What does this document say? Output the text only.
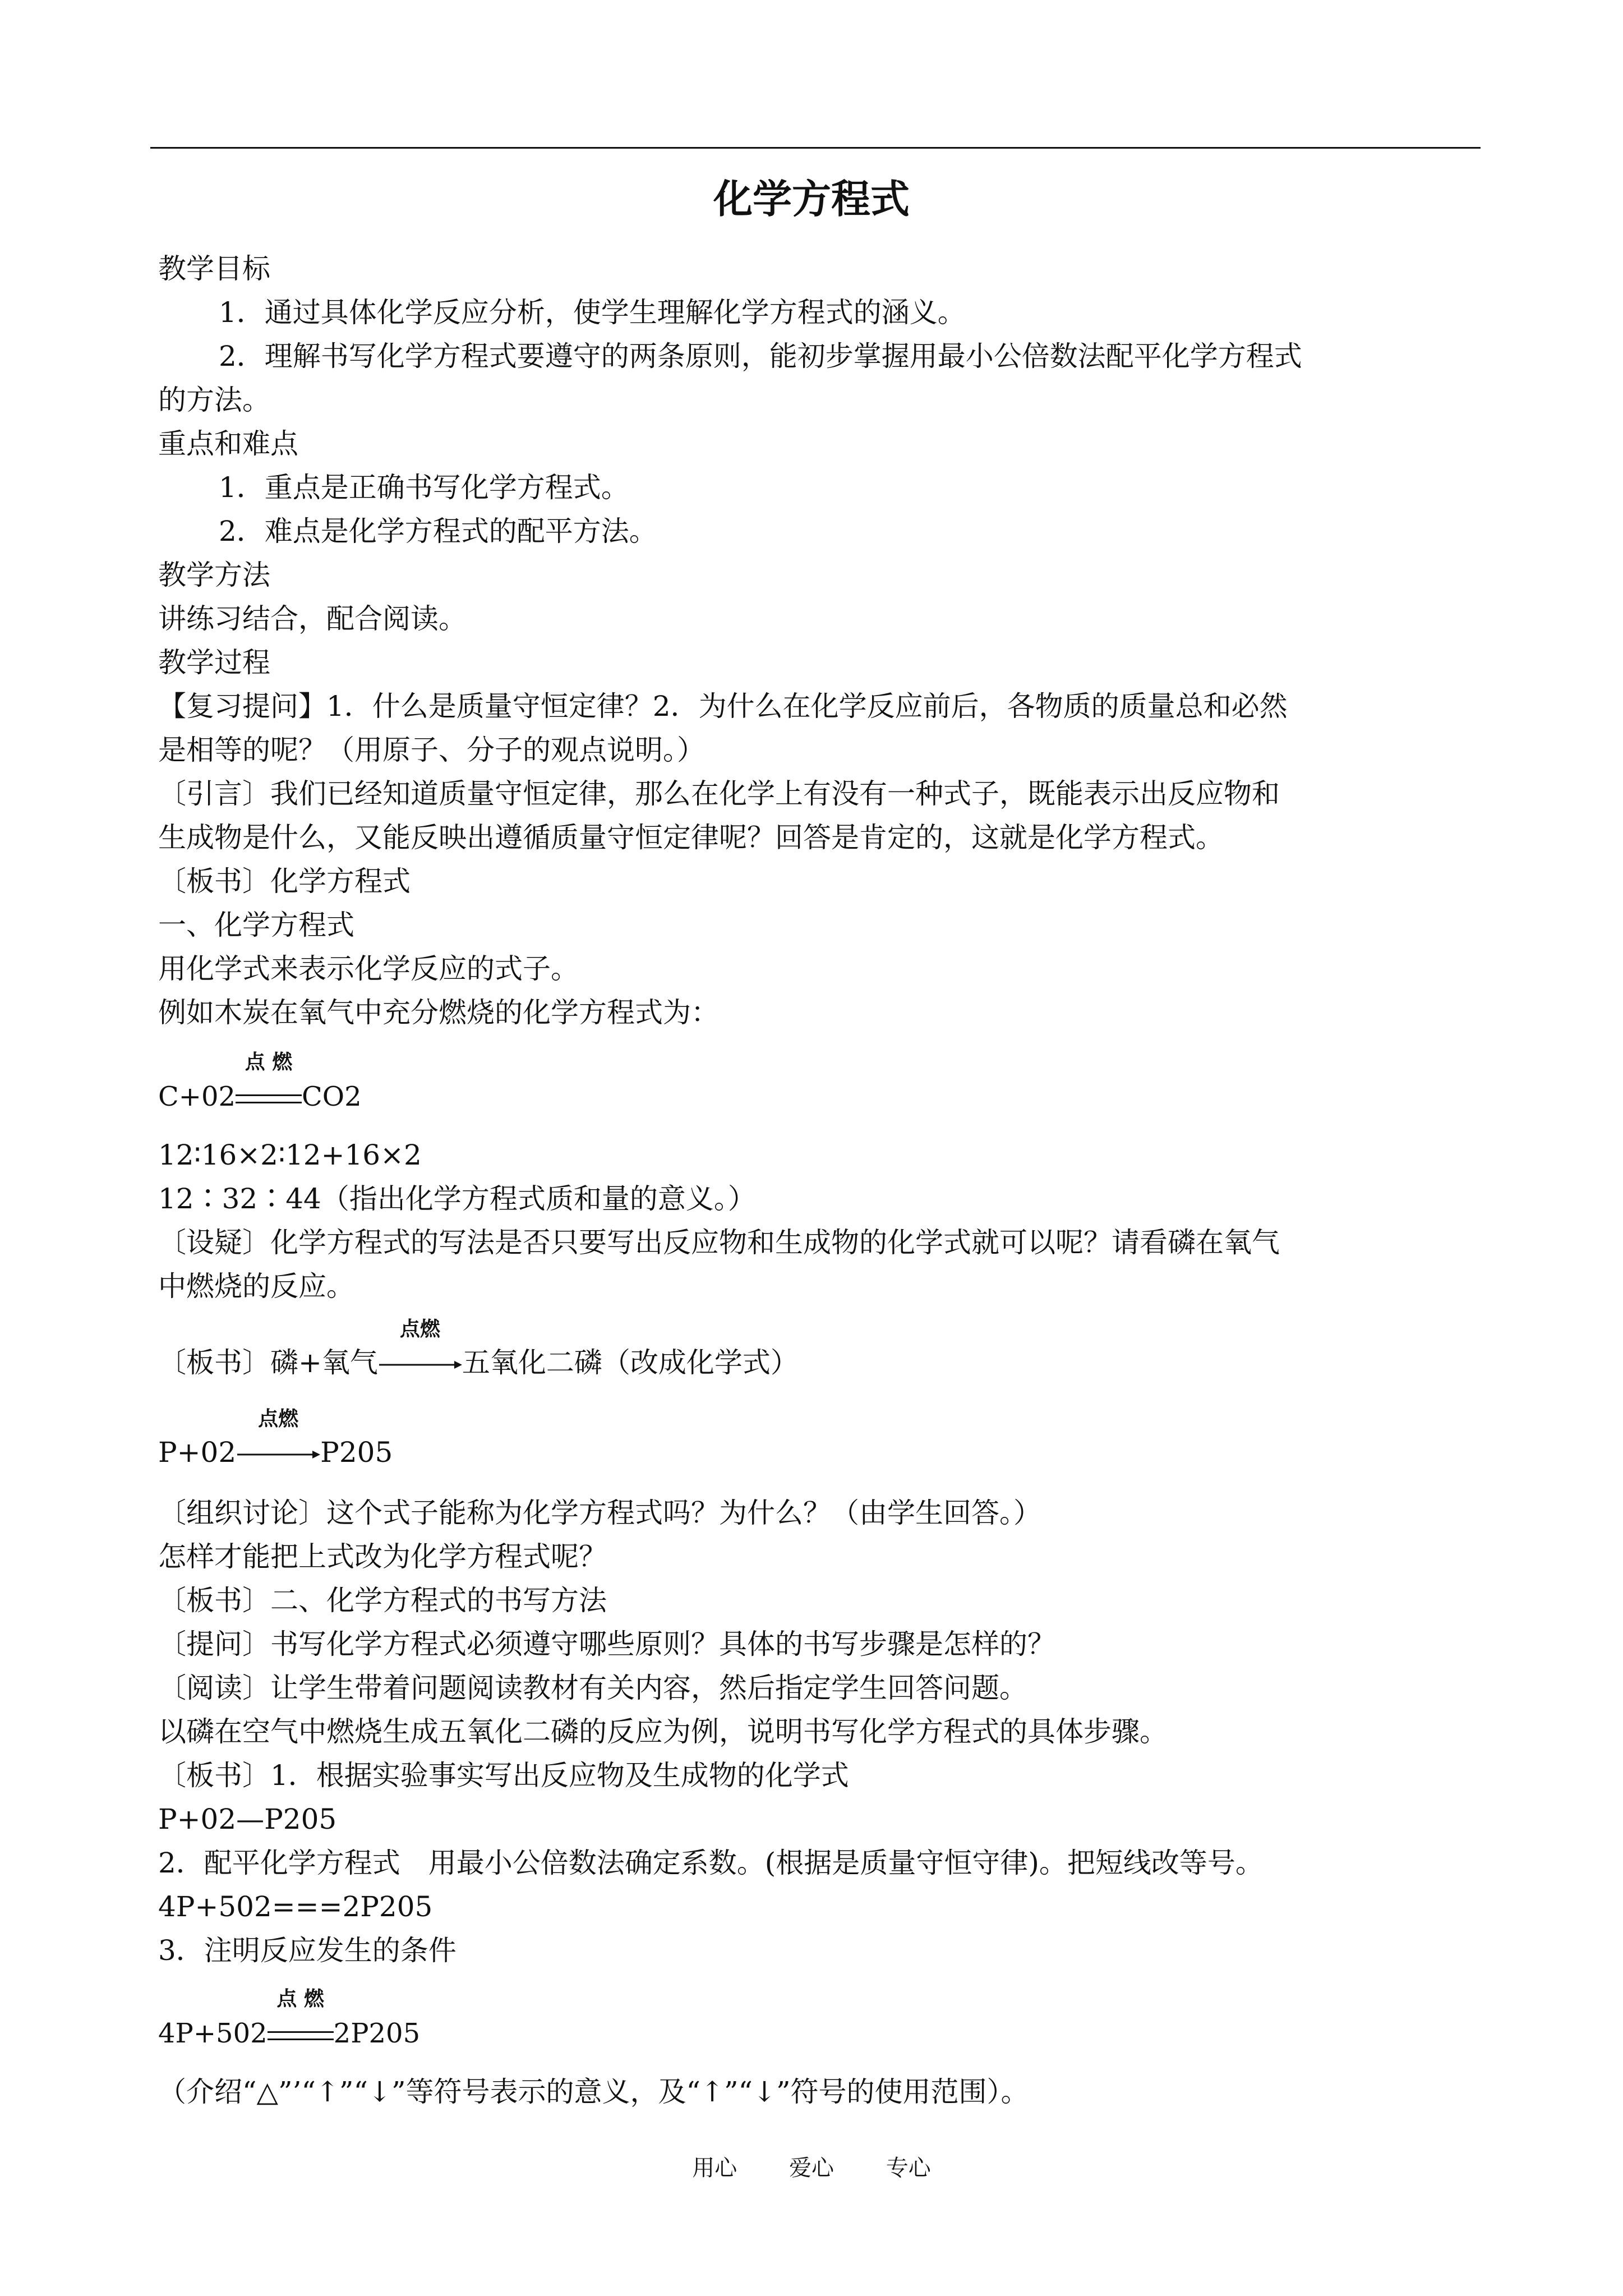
化学方程式
教学目标
1．通过具体化学反应分析，使学生理解化学方程式的涵义。
2．理解书写化学方程式要遵守的两条原则，能初步掌握用最小公倍数法配平化学方程式
的方法。
重点和难点
1．重点是正确书写化学方程式。
2．难点是化学方程式的配平方法。
教学方法
讲练习结合，配合阅读。
教学过程
【复习提问】1．什么是质量守恒定律？2．为什么在化学反应前后，各物质的质量总和必然
是相等的呢？（用原子、分子的观点说明。）
〔引言〕我们已经知道质量守恒定律，那么在化学上有没有一种式子，既能表示出反应物和
生成物是什么，又能反映出遵循质量守恒定律呢？回答是肯定的，这就是化学方程式。
〔板书〕化学方程式
一、化学方程式
用化学式来表示化学反应的式子。
例如木炭在氧气中充分燃烧的化学方程式为：
C+02
点 燃
CO2
12∶16×2∶12+16×2
12∶32∶44（指出化学方程式质和量的意义。）
〔设疑〕化学方程式的写法是否只要写出反应物和生成物的化学式就可以呢？请看磷在氧气
中燃烧的反应。
〔板书〕磷+氧气
点燃
五氧化二磷（改成化学式）
P+02
点燃
P205
〔组织讨论〕这个式子能称为化学方程式吗？为什么？（由学生回答。）
怎样才能把上式改为化学方程式呢？
〔板书〕二、化学方程式的书写方法
〔提问〕书写化学方程式必须遵守哪些原则？具体的书写步骤是怎样的？
〔阅读〕让学生带着问题阅读教材有关内容，然后指定学生回答问题。
以磷在空气中燃烧生成五氧化二磷的反应为例，说明书写化学方程式的具体步骤。
〔板书〕1．根据实验事实写出反应物及生成物的化学式
P+02—P205
2．配平化学方程式　用最小公倍数法确定系数。(根据是质量守恒守律)。把短线改等号。
4P+502===2P205
3．注明反应发生的条件
4P+502
点 燃
2P205
（介绍“△”’“↑”“↓”等符号表示的意义，及“↑”“↓”符号的使用范围）。
用心 爱心 专心
